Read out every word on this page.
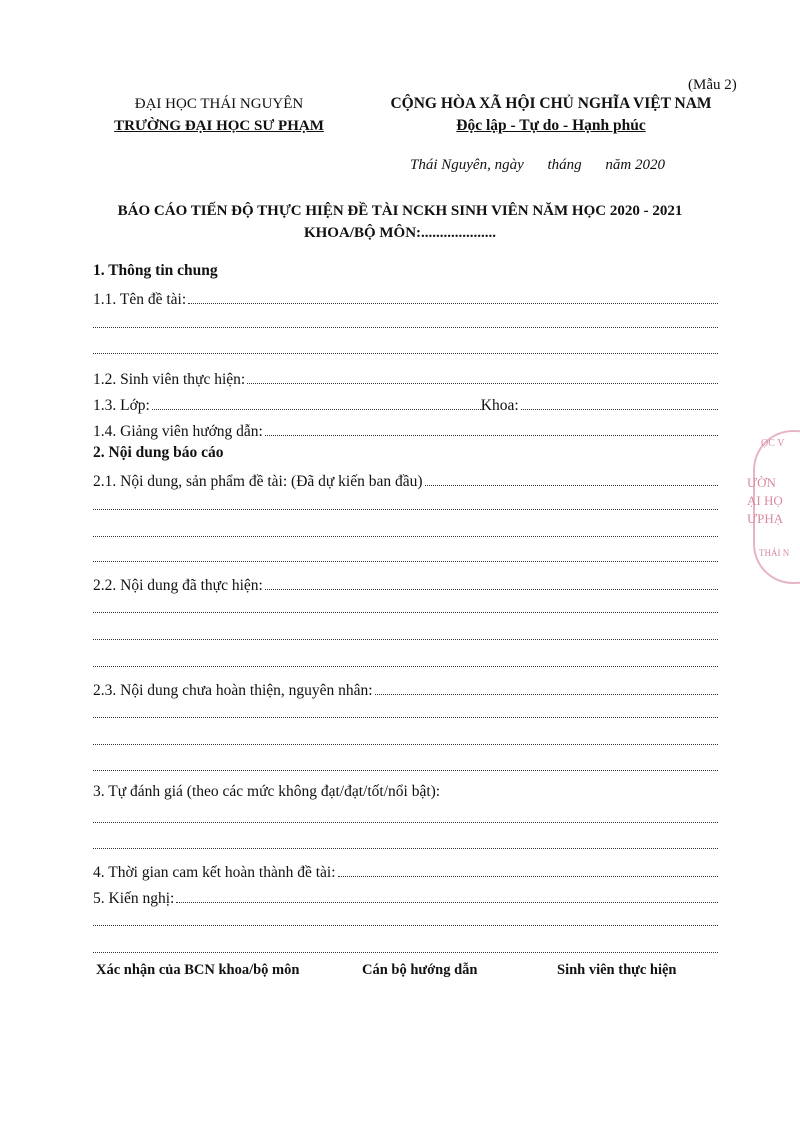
(Mẫu 2)
ĐẠI HỌC THÁI NGUYÊN
TRƯỜNG ĐẠI HỌC SƯ PHẠM
CỘNG HÒA XÃ HỘI CHỦ NGHĨA VIỆT NAM
Độc lập - Tự do - Hạnh phúc
Thái Nguyên, ngày tháng năm 2020
BÁO CÁO TIẾN ĐỘ THỰC HIỆN ĐỀ TÀI NCKH SINH VIÊN NĂM HỌC 2020 - 2021
KHOA/BỘ MÔN:....................
1. Thông tin chung
1.1. Tên đề tài:
1.2. Sinh viên thực hiện:
1.3. Lớp:	Khoa:
1.4. Giảng viên hướng dẫn:
2. Nội dung báo cáo
2.1. Nội dung, sản phẩm đề tài: (Đã dự kiến ban đầu)
2.2. Nội dung đã thực hiện:
2.3. Nội dung chưa hoàn thiện, nguyên nhân:
3. Tự đánh giá (theo các mức không đạt/đạt/tốt/nổi bật):
4. Thời gian cam kết hoàn thành đề tài:
5. Kiến nghị:
Xác nhận của BCN khoa/bộ môn	Cán bộ hướng dẫn	Sinh viên thực hiện
ỌC V
ƯỜN
ẠI HỌ
ƯPHẠ
THÁI N
